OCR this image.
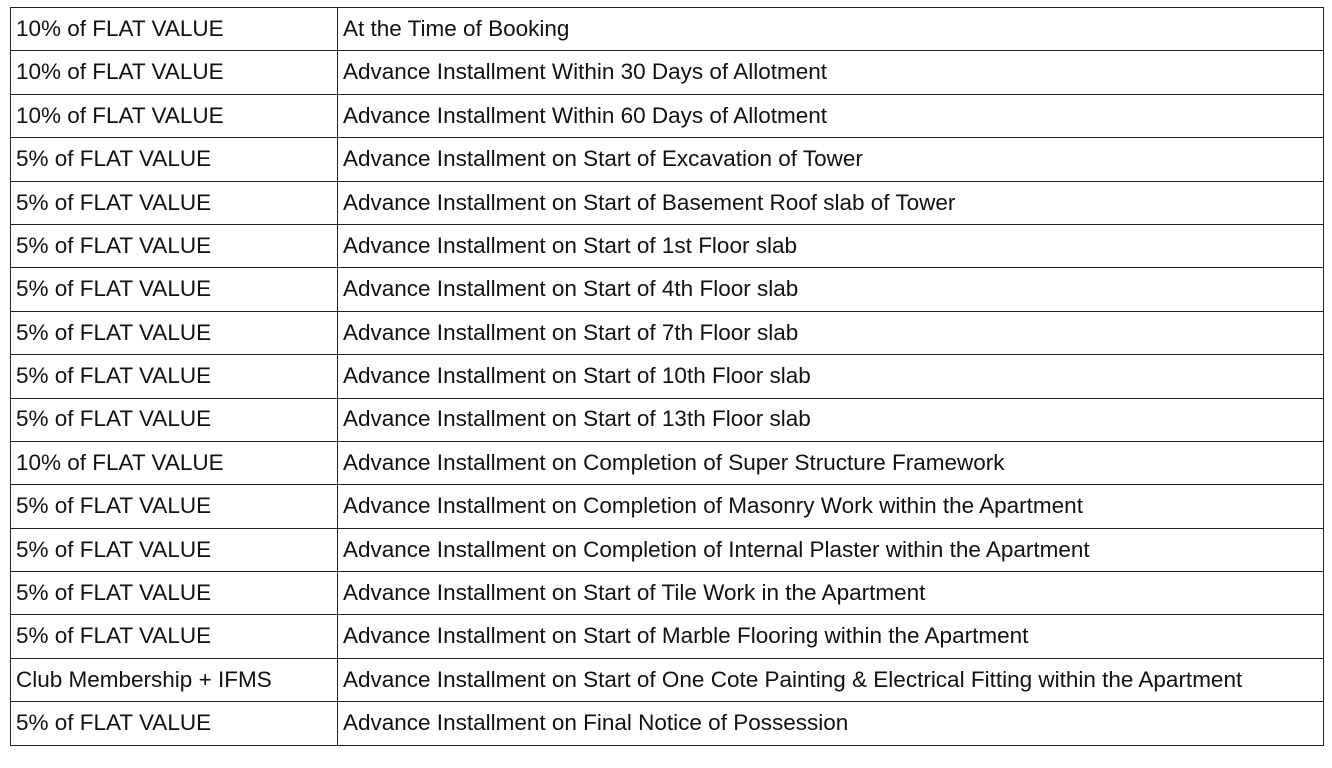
10% of FLAT VALUE	At the Time of Booking
10% of FLAT VALUE	Advance Installment Within 30 Days of Allotment
10% of FLAT VALUE	Advance Installment Within 60 Days of Allotment
5% of FLAT VALUE	Advance Installment on Start of Excavation of Tower
5% of FLAT VALUE	Advance Installment on Start of Basement Roof slab of Tower
5% of FLAT VALUE	Advance Installment on Start of 1st Floor slab
5% of FLAT VALUE	Advance Installment on Start of 4th Floor slab
5% of FLAT VALUE	Advance Installment on Start of 7th Floor slab
5% of FLAT VALUE	Advance Installment on Start of 10th Floor slab
5% of FLAT VALUE	Advance Installment on Start of 13th Floor slab
10% of FLAT VALUE	Advance Installment on Completion of Super Structure Framework
5% of FLAT VALUE	Advance Installment on Completion of Masonry Work within the Apartment
5% of FLAT VALUE	Advance Installment on Completion of Internal Plaster within the Apartment
5% of FLAT VALUE	Advance Installment on Start of Tile Work in the Apartment
5% of FLAT VALUE	Advance Installment on Start of Marble Flooring within the Apartment
Club Membership + IFMS	Advance Installment on Start of One Cote Painting & Electrical Fitting within the Apartment
5% of FLAT VALUE	Advance Installment on Final Notice of Possession
